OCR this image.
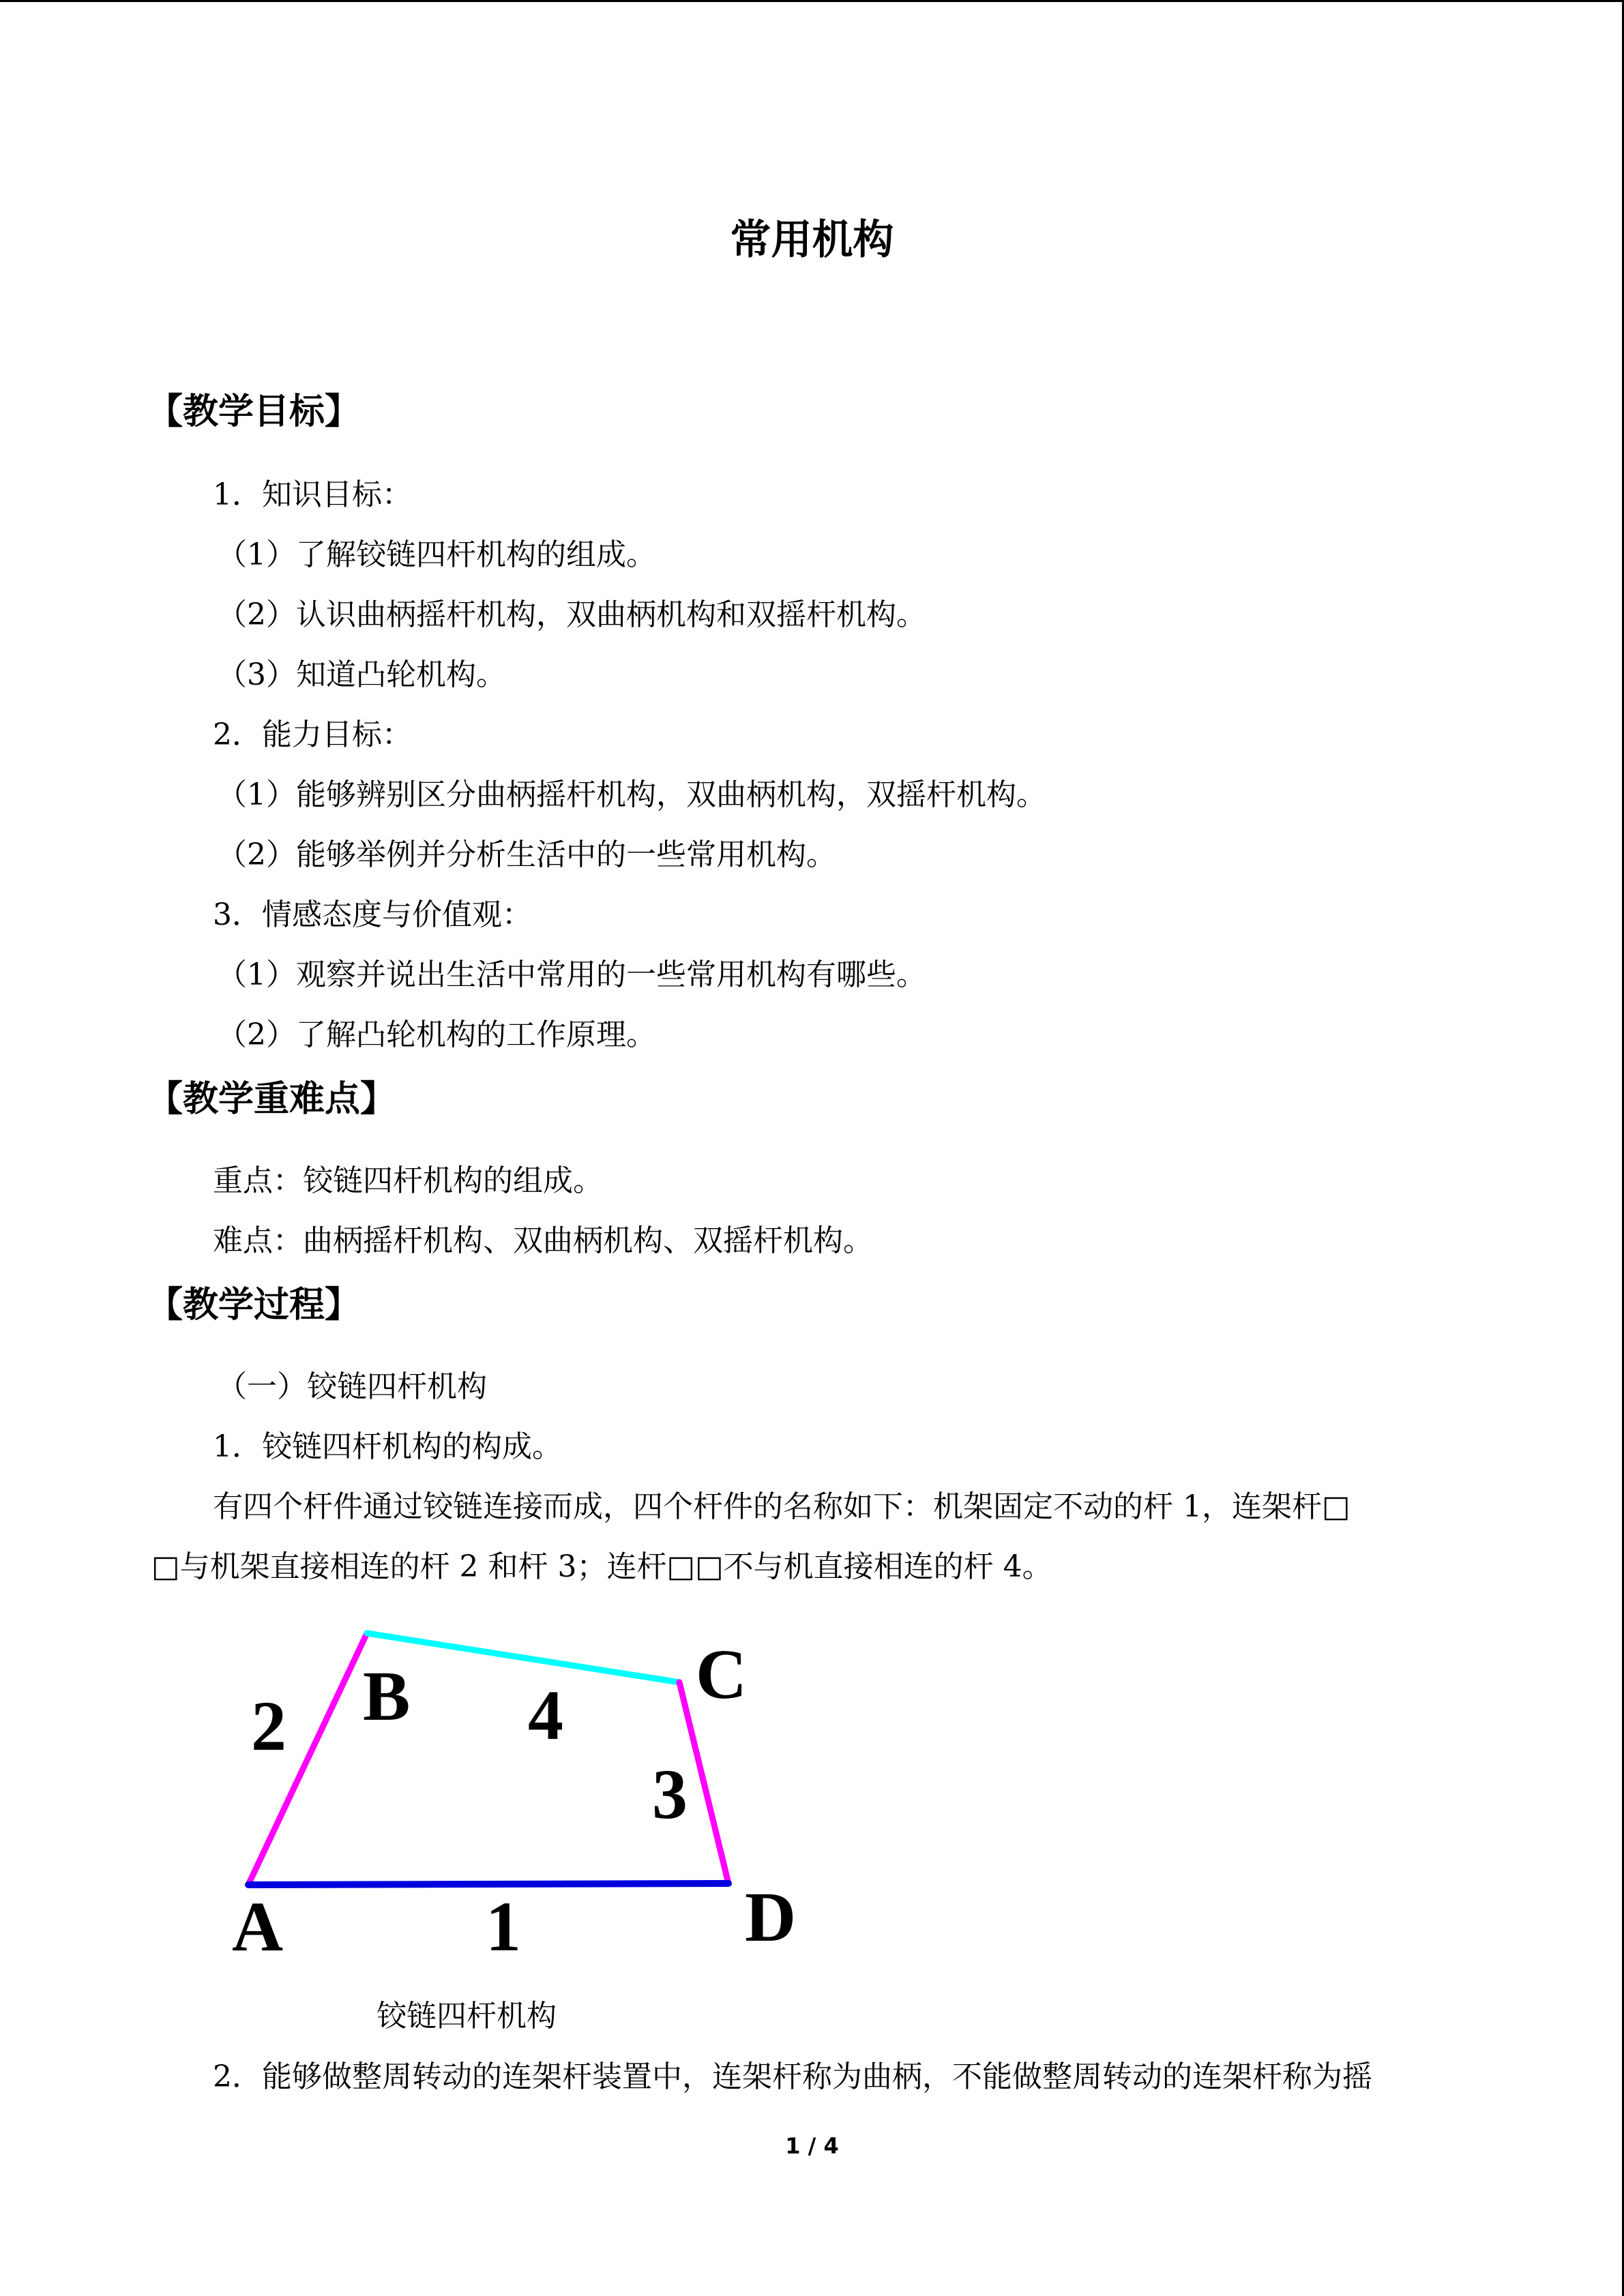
常用机构
【教学目标】
1．知识目标：
（1）了解铰链四杆机构的组成。
（2）认识曲柄摇杆机构，双曲柄机构和双摇杆机构。
（3）知道凸轮机构。
2．能力目标：
（1）能够辨别区分曲柄摇杆机构，双曲柄机构，双摇杆机构。
（2）能够举例并分析生活中的一些常用机构。
3．情感态度与价值观：
（1）观察并说出生活中常用的一些常用机构有哪些。
（2）了解凸轮机构的工作原理。
【教学重难点】
重点：铰链四杆机构的组成。
难点：曲柄摇杆机构、双曲柄机构、双摇杆机构。
【教学过程】
（一）铰链四杆机构
1．铰链四杆机构的构成。
有四个杆件通过铰链连接而成，四个杆件的名称如下：机架固定不动的杆 1，连架杆□
□与机架直接相连的杆 2 和杆 3；连杆□□不与机直接相连的杆 4。
A
B	C
D
1
2
3
4
铰链四杆机构
2．能够做整周转动的连架杆装置中，连架杆称为曲柄，不能做整周转动的连架杆称为摇
1 / 4
